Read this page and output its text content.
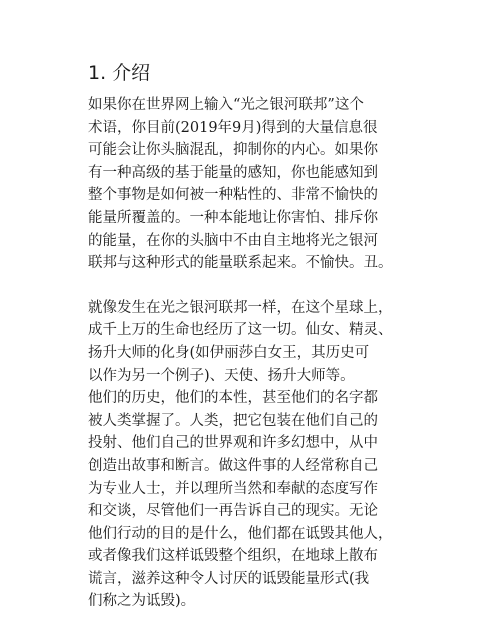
1. 介绍
如果你在世界网上输入“光之银河联邦”这个
术语，你目前(2019年9月)得到的大量信息很
可能会让你头脑混乱，抑制你的内心。如果你
有一种高级的基于能量的感知，你也能感知到
整个事物是如何被一种粘性的、非常不愉快的
能量所覆盖的。一种本能地让你害怕、排斥你
的能量，在你的头脑中不由自主地将光之银河
联邦与这种形式的能量联系起来。不愉快。丑。
就像发生在光之银河联邦一样，在这个星球上，
成千上万的生命也经历了这一切。仙女、精灵、
扬升大师的化身(如伊丽莎白女王，其历史可
以作为另一个例子)、天使、扬升大师等。
他们的历史，他们的本性，甚至他们的名字都
被人类掌握了。人类，把它包装在他们自己的
投射、他们自己的世界观和许多幻想中，从中
创造出故事和断言。做这件事的人经常称自己
为专业人士，并以理所当然和奉献的态度写作
和交谈，尽管他们一再告诉自己的现实。无论
他们行动的目的是什么，他们都在诋毁其他人，
或者像我们这样诋毁整个组织，在地球上散布
谎言，滋养这种令人讨厌的诋毁能量形式(我
们称之为诋毁)。
